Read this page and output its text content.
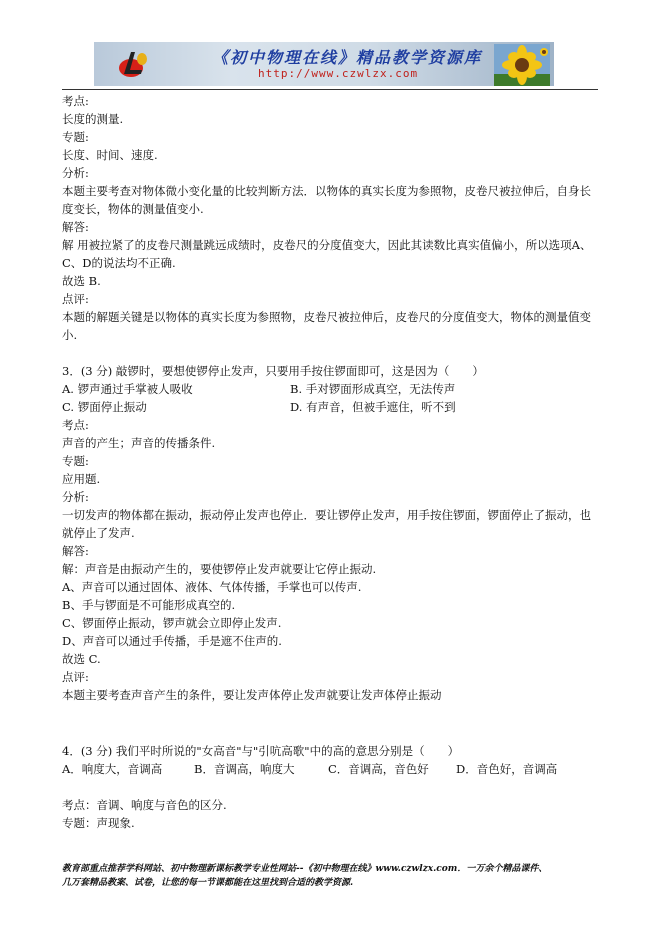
《初中物理在线》精品教学资源库
http://www.czwlzx.com

考点:

长度的测量.

专题:

长度、时间、速度.

分析:

本题主要考查对物体微小变化量的比较判断方法．以物体的真实长度为参照物，皮卷尺被拉伸后，自身长度变长，物体的测量值变小.

解答:

解 用被拉紧了的皮卷尺测量跳远成绩时，皮卷尺的分度值变大，因此其读数比真实值偏小，所以选项A、C、D的说法均不正确.

故选 B.

点评:

本题的解题关键是以物体的真实长度为参照物，皮卷尺被拉伸后，皮卷尺的分度值变大，物体的测量值变小.

3．(3 分) 敲锣时，要想使锣停止发声，只要用手按住锣面即可，这是因为（　　）

A. 锣声通过手掌被人吸收	B. 手对锣面形成真空，无法传声
C. 锣面停止振动	D. 有声音，但被手遮住，听不到

考点:

声音的产生；声音的传播条件.

专题:

应用题.

分析:

一切发声的物体都在振动，振动停止发声也停止．要让锣停止发声，用手按住锣面，锣面停止了振动，也就停止了发声.

解答:

解：声音是由振动产生的，要使锣停止发声就要让它停止振动.

A、声音可以通过固体、液体、气体传播，手掌也可以传声.

B、手与锣面是不可能形成真空的.

C、锣面停止振动，锣声就会立即停止发声.

D、声音可以通过手传播，手是遮不住声的.

故选 C.

点评:

本题主要考查声音产生的条件，要让发声体停止发声就要让发声体停止振动

4．(3 分) 我们平时所说的"女高音"与"引吭高歌"中的高的意思分别是（　　）

A．响度大，音调高	B．音调高，响度大	C．音调高，音色好	D．音色好，音调高

考点：音调、响度与音色的区分.

专题：声现象.

教育部重点推荐学科网站、初中物理新课标教学专业性网站--《初中物理在线》www.czwlzx.com．一万余个精品课件、

几万套精品教案、试卷，让您的每一节课都能在这里找到合适的教学资源.
